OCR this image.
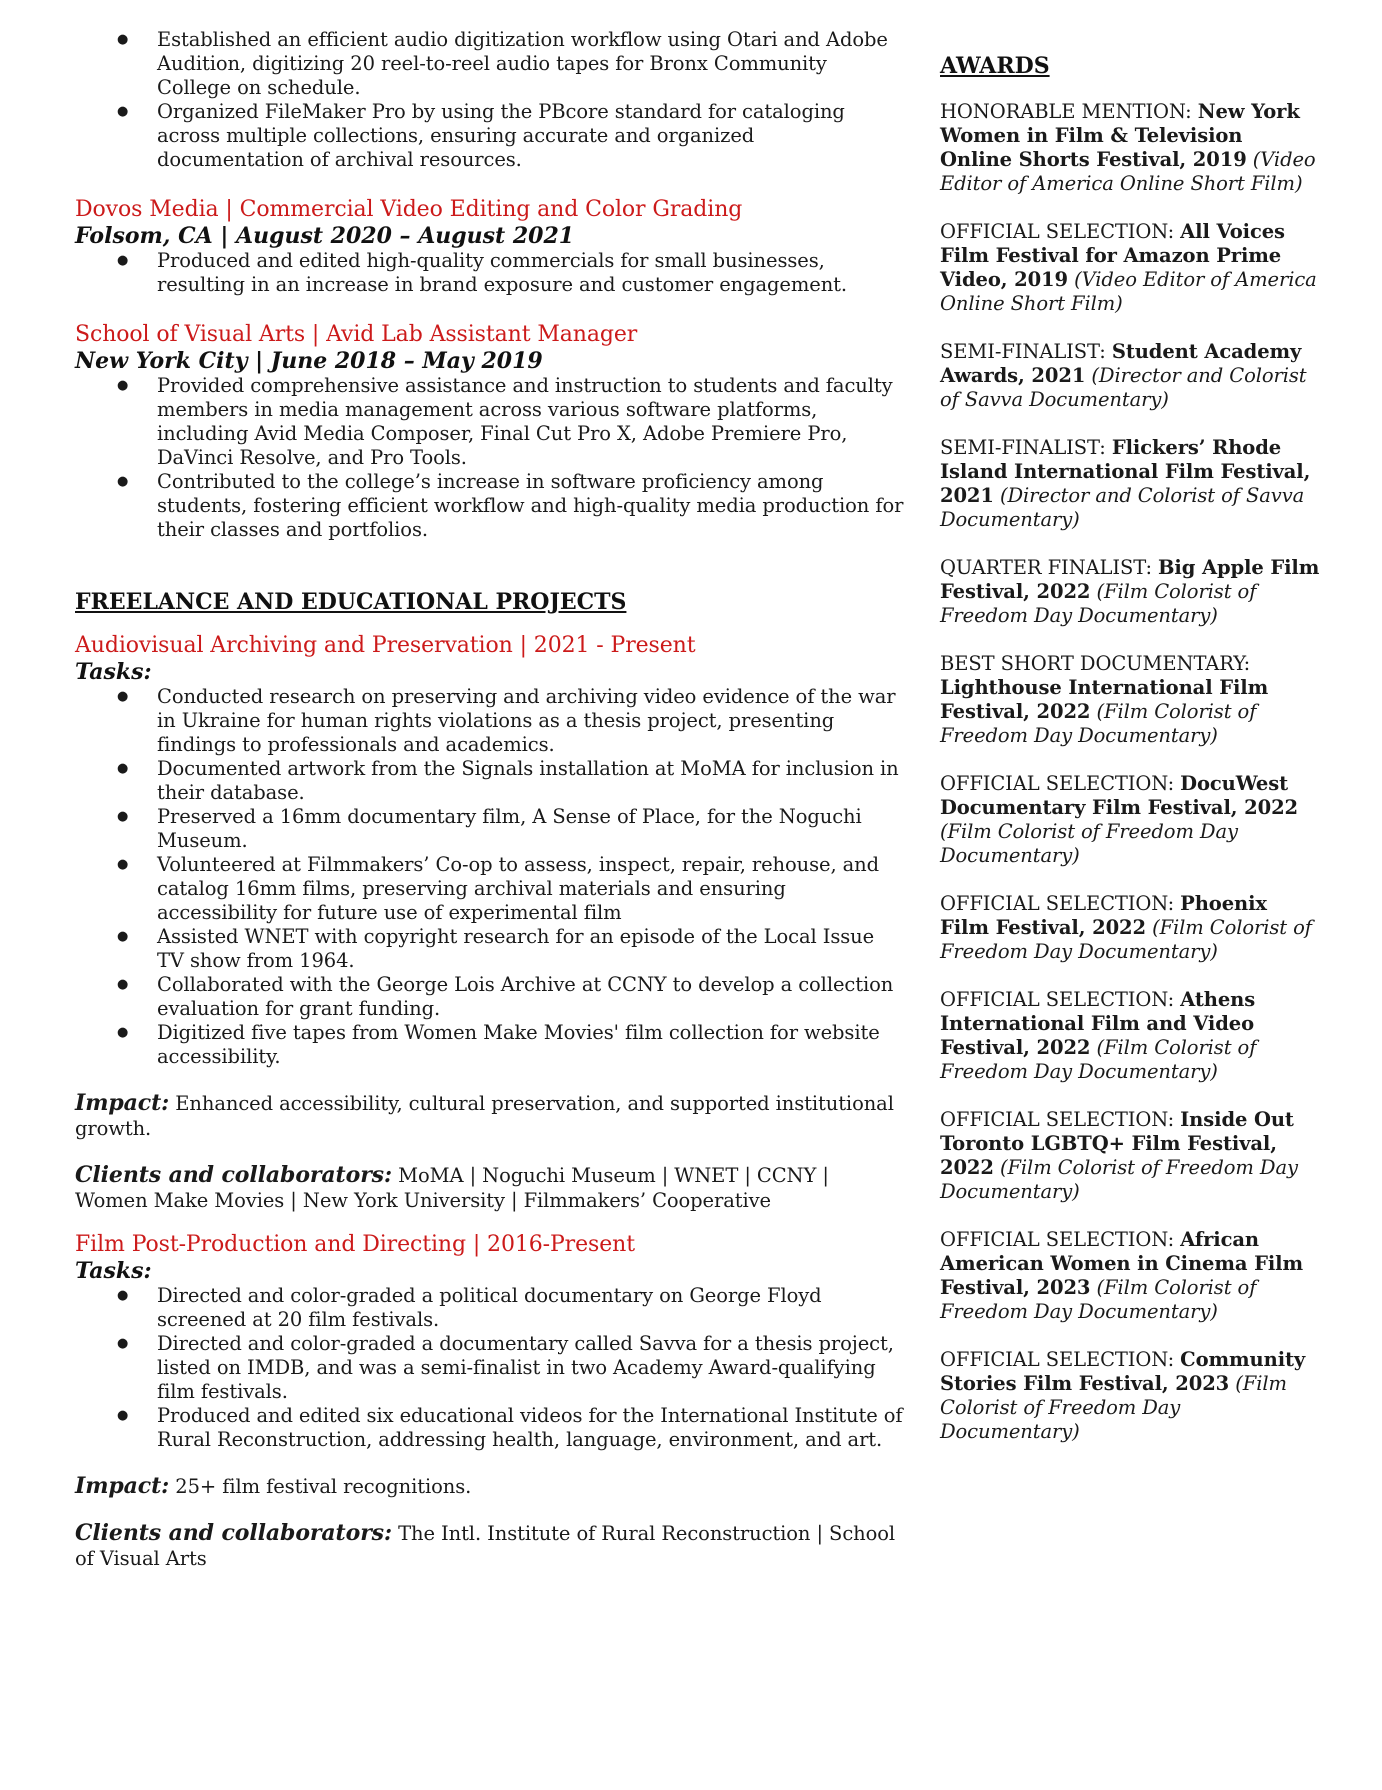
● Established an efficient audio digitization workflow using Otari and Adobe Audition, digitizing 20 reel-to-reel audio tapes for Bronx Community College on schedule.
● Organized FileMaker Pro by using the PBcore standard for cataloging across multiple collections, ensuring accurate and organized documentation of archival resources.
Dovos Media | Commercial Video Editing and Color Grading
Folsom, CA | August 2020 – August 2021
● Produced and edited high-quality commercials for small businesses, resulting in an increase in brand exposure and customer engagement.
School of Visual Arts | Avid Lab Assistant Manager
New York City | June 2018 – May 2019
● Provided comprehensive assistance and instruction to students and faculty members in media management across various software platforms, including Avid Media Composer, Final Cut Pro X, Adobe Premiere Pro, DaVinci Resolve, and Pro Tools.
● Contributed to the college’s increase in software proficiency among students, fostering efficient workflow and high-quality media production for their classes and portfolios.
FREELANCE AND EDUCATIONAL PROJECTS
Audiovisual Archiving and Preservation | 2021 - Present
Tasks:
● Conducted research on preserving and archiving video evidence of the war in Ukraine for human rights violations as a thesis project, presenting findings to professionals and academics.
● Documented artwork from the Signals installation at MoMA for inclusion in their database.
● Preserved a 16mm documentary film, A Sense of Place, for the Noguchi Museum.
● Volunteered at Filmmakers’ Co-op to assess, inspect, repair, rehouse, and catalog 16mm films, preserving archival materials and ensuring accessibility for future use of experimental film
● Assisted WNET with copyright research for an episode of the Local Issue TV show from 1964.
● Collaborated with the George Lois Archive at CCNY to develop a collection evaluation for grant funding.
● Digitized five tapes from Women Make Movies' film collection for website accessibility.
Impact: Enhanced accessibility, cultural preservation, and supported institutional growth.
Clients and collaborators: MoMA | Noguchi Museum | WNET | CCNY | Women Make Movies | New York University | Filmmakers’ Cooperative
Film Post-Production and Directing | 2016-Present
Tasks:
● Directed and color-graded a political documentary on George Floyd screened at 20 film festivals.
● Directed and color-graded a documentary called Savva for a thesis project, listed on IMDB, and was a semi-finalist in two Academy Award-qualifying film festivals.
● Produced and edited six educational videos for the International Institute of Rural Reconstruction, addressing health, language, environment, and art.
Impact: 25+ film festival recognitions.
Clients and collaborators: The Intl. Institute of Rural Reconstruction | School of Visual Arts
AWARDS
HONORABLE MENTION: New York Women in Film & Television Online Shorts Festival, 2019 (Video Editor of America Online Short Film)
OFFICIAL SELECTION: All Voices Film Festival for Amazon Prime Video, 2019 (Video Editor of America Online Short Film)
SEMI-FINALIST: Student Academy Awards, 2021 (Director and Colorist of Savva Documentary)
SEMI-FINALIST: Flickers’ Rhode Island International Film Festival, 2021 (Director and Colorist of Savva Documentary)
QUARTER FINALIST: Big Apple Film Festival, 2022 (Film Colorist of Freedom Day Documentary)
BEST SHORT DOCUMENTARY: Lighthouse International Film Festival, 2022 (Film Colorist of Freedom Day Documentary)
OFFICIAL SELECTION: DocuWest Documentary Film Festival, 2022 (Film Colorist of Freedom Day Documentary)
OFFICIAL SELECTION: Phoenix Film Festival, 2022 (Film Colorist of Freedom Day Documentary)
OFFICIAL SELECTION: Athens International Film and Video Festival, 2022 (Film Colorist of Freedom Day Documentary)
OFFICIAL SELECTION: Inside Out Toronto LGBTQ+ Film Festival, 2022 (Film Colorist of Freedom Day Documentary)
OFFICIAL SELECTION: African American Women in Cinema Film Festival, 2023 (Film Colorist of Freedom Day Documentary)
OFFICIAL SELECTION: Community Stories Film Festival, 2023 (Film Colorist of Freedom Day Documentary)
